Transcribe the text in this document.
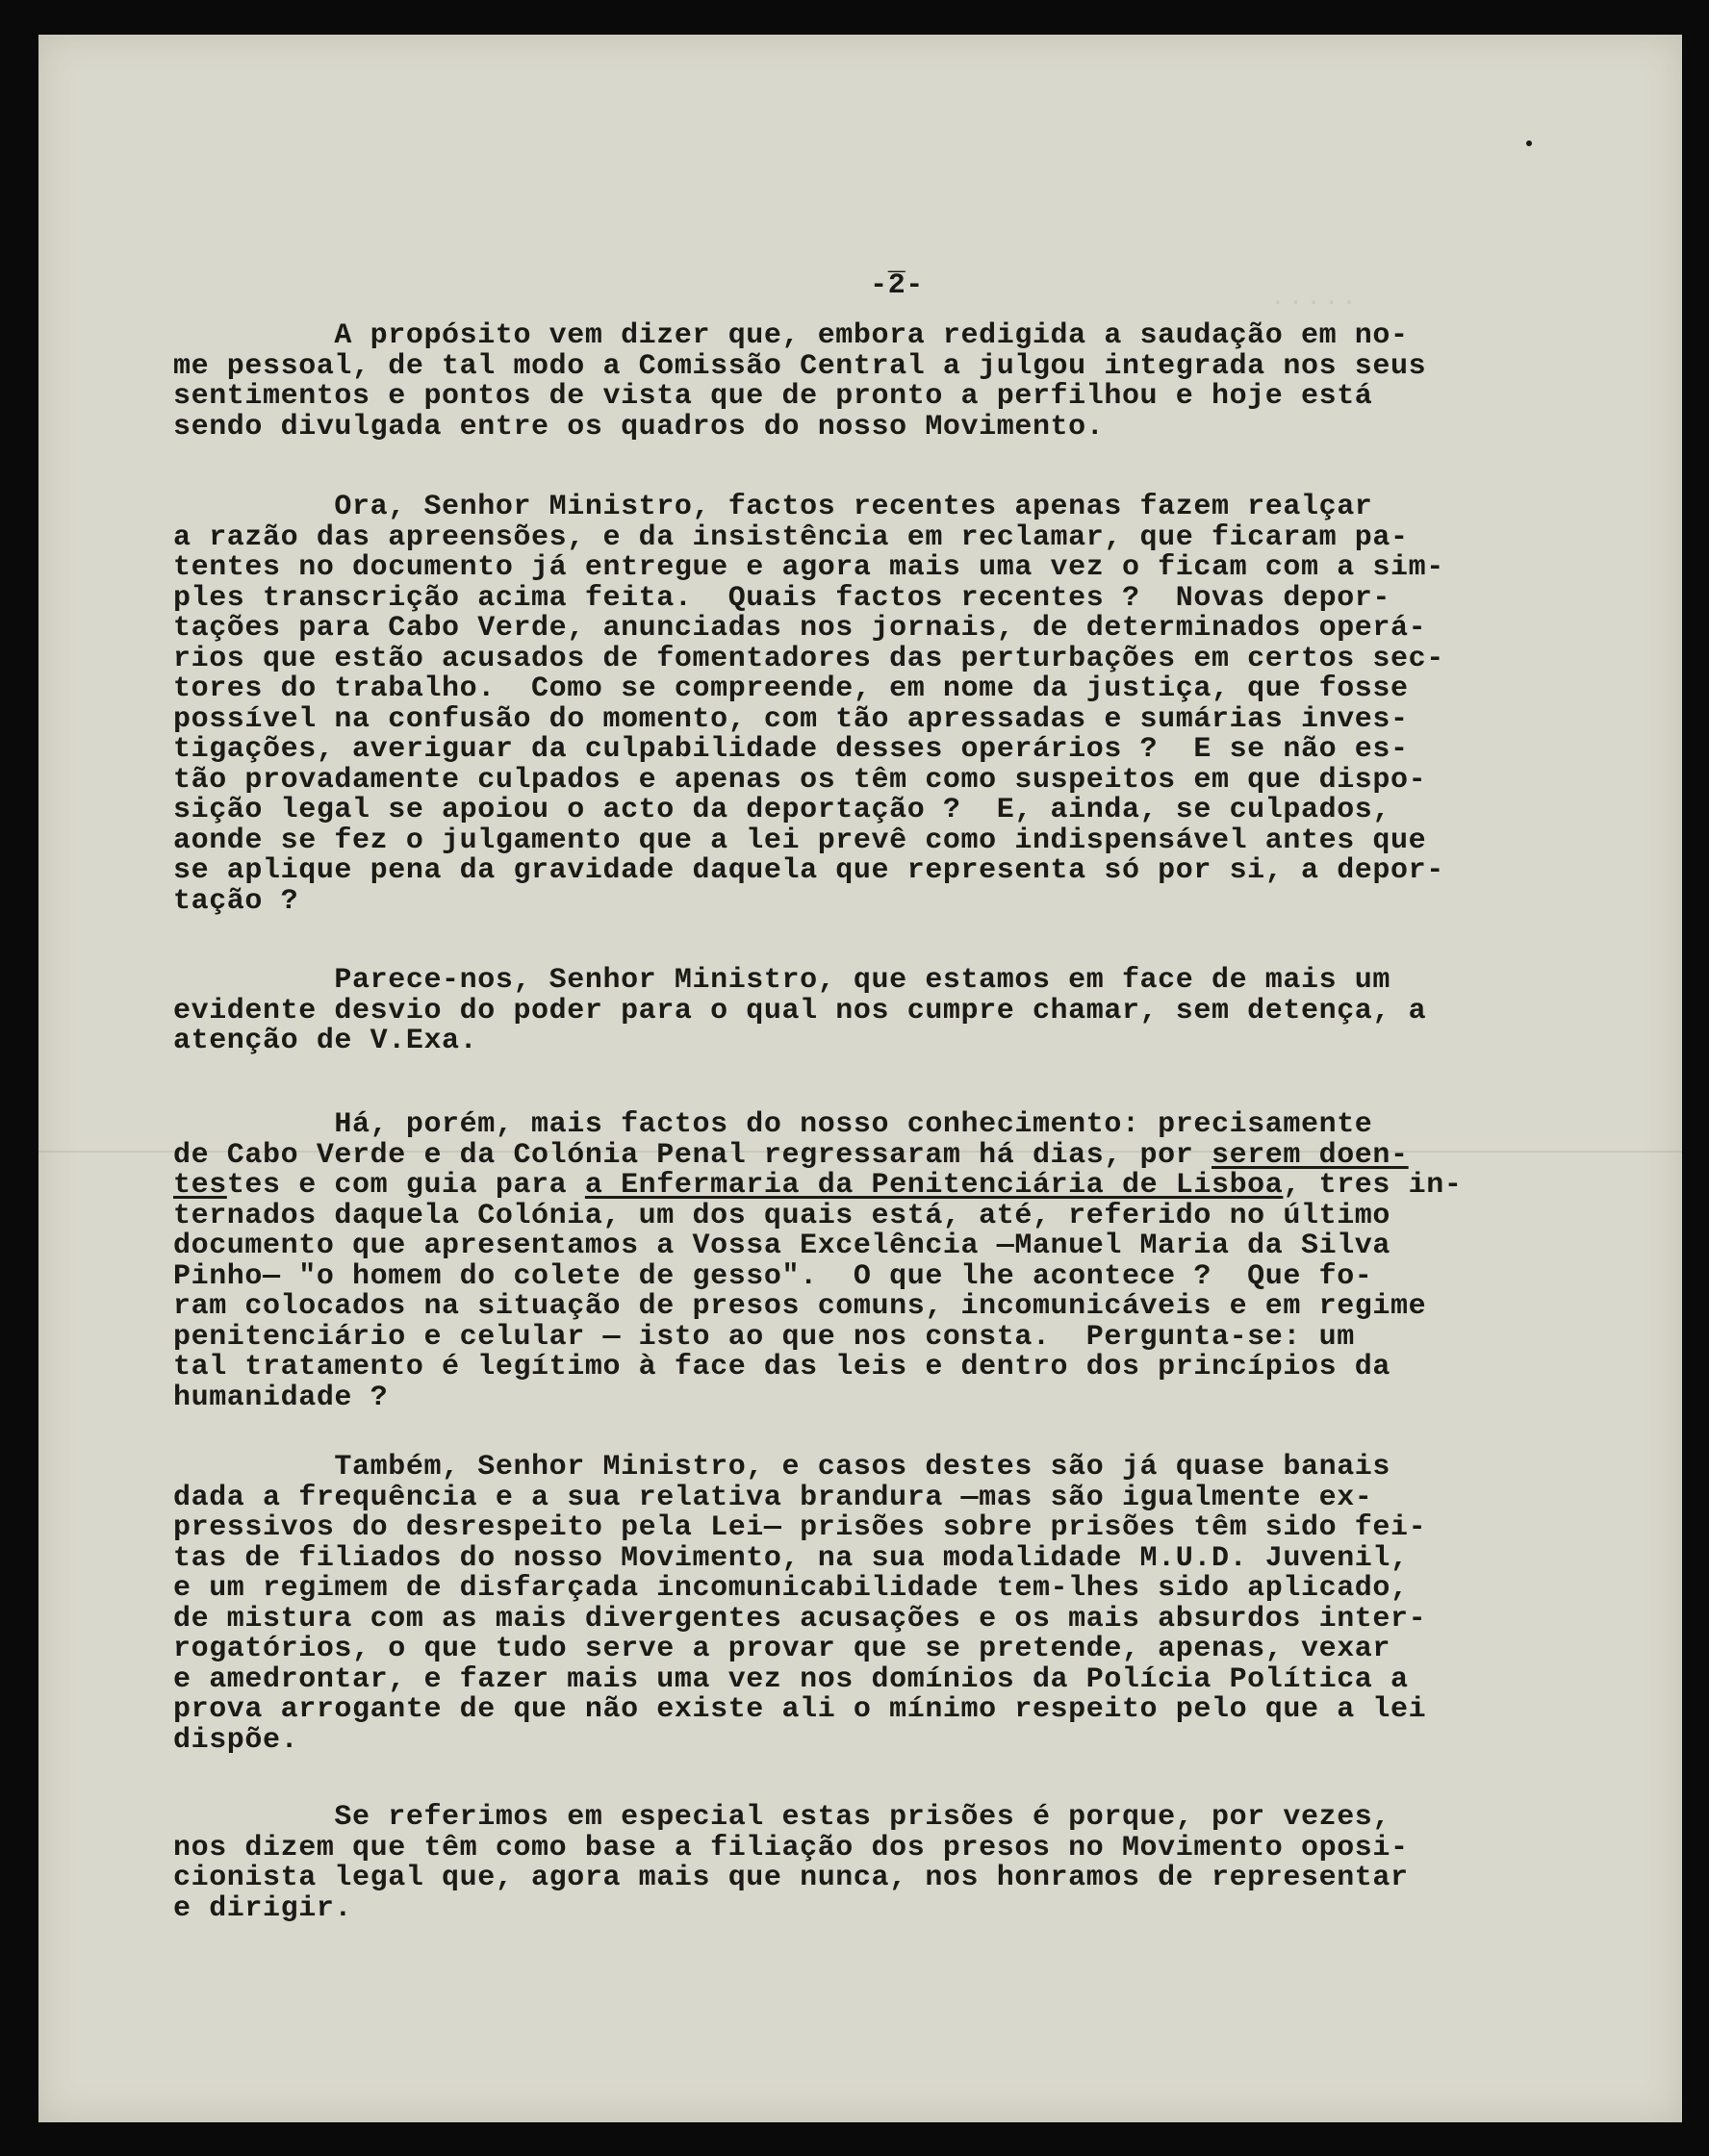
.....
_
-2-
A propósito vem dizer que, embora redigida a saudação em no-
me pessoal, de tal modo a Comissão Central a julgou integrada nos seus
sentimentos e pontos de vista que de pronto a perfilhou e hoje está
sendo divulgada entre os quadros do nosso Movimento.
Ora, Senhor Ministro, factos recentes apenas fazem realçar
a razão das apreensões, e da insistência em reclamar, que ficaram pa-
tentes no documento já entregue e agora mais uma vez o ficam com a sim-
ples transcrição acima feita.  Quais factos recentes ?  Novas depor-
tações para Cabo Verde, anunciadas nos jornais, de determinados operá-
rios que estão acusados de fomentadores das perturbações em certos sec-
tores do trabalho.  Como se compreende, em nome da justiça, que fosse
possível na confusão do momento, com tão apressadas e sumárias inves-
tigações, averiguar da culpabilidade desses operários ?  E se não es-
tão provadamente culpados e apenas os têm como suspeitos em que dispo-
sição legal se apoiou o acto da deportação ?  E, ainda, se culpados,
aonde se fez o julgamento que a lei prevê como indispensável antes que
se aplique pena da gravidade daquela que representa só por si, a depor-
tação ?
Parece-nos, Senhor Ministro, que estamos em face de mais um
evidente desvio do poder para o qual nos cumpre chamar, sem detença, a
atenção de V.Exa.
Há, porém, mais factos do nosso conhecimento: precisamente
de Cabo Verde e da Colónia Penal regressaram há dias, por serem doen-
testes e com guia para a Enfermaria da Penitenciária de Lisboa, tres in-
ternados daquela Colónia, um dos quais está, até, referido no último
documento que apresentamos a Vossa Excelência —Manuel Maria da Silva
Pinho— "o homem do colete de gesso".  O que lhe acontece ?  Que fo-
ram colocados na situação de presos comuns, incomunicáveis e em regime
penitenciário e celular — isto ao que nos consta.  Pergunta-se: um
tal tratamento é legítimo à face das leis e dentro dos princípios da
humanidade ?
Também, Senhor Ministro, e casos destes são já quase banais
dada a frequência e a sua relativa brandura —mas são igualmente ex-
pressivos do desrespeito pela Lei— prisões sobre prisões têm sido fei-
tas de filiados do nosso Movimento, na sua modalidade M.U.D. Juvenil,
e um regimem de disfarçada incomunicabilidade tem-lhes sido aplicado,
de mistura com as mais divergentes acusações e os mais absurdos inter-
rogatórios, o que tudo serve a provar que se pretende, apenas, vexar
e amedrontar, e fazer mais uma vez nos domínios da Polícia Política a
prova arrogante de que não existe ali o mínimo respeito pelo que a lei
dispõe.
Se referimos em especial estas prisões é porque, por vezes,
nos dizem que têm como base a filiação dos presos no Movimento oposi-
cionista legal que, agora mais que nunca, nos honramos de representar
e dirigir.
